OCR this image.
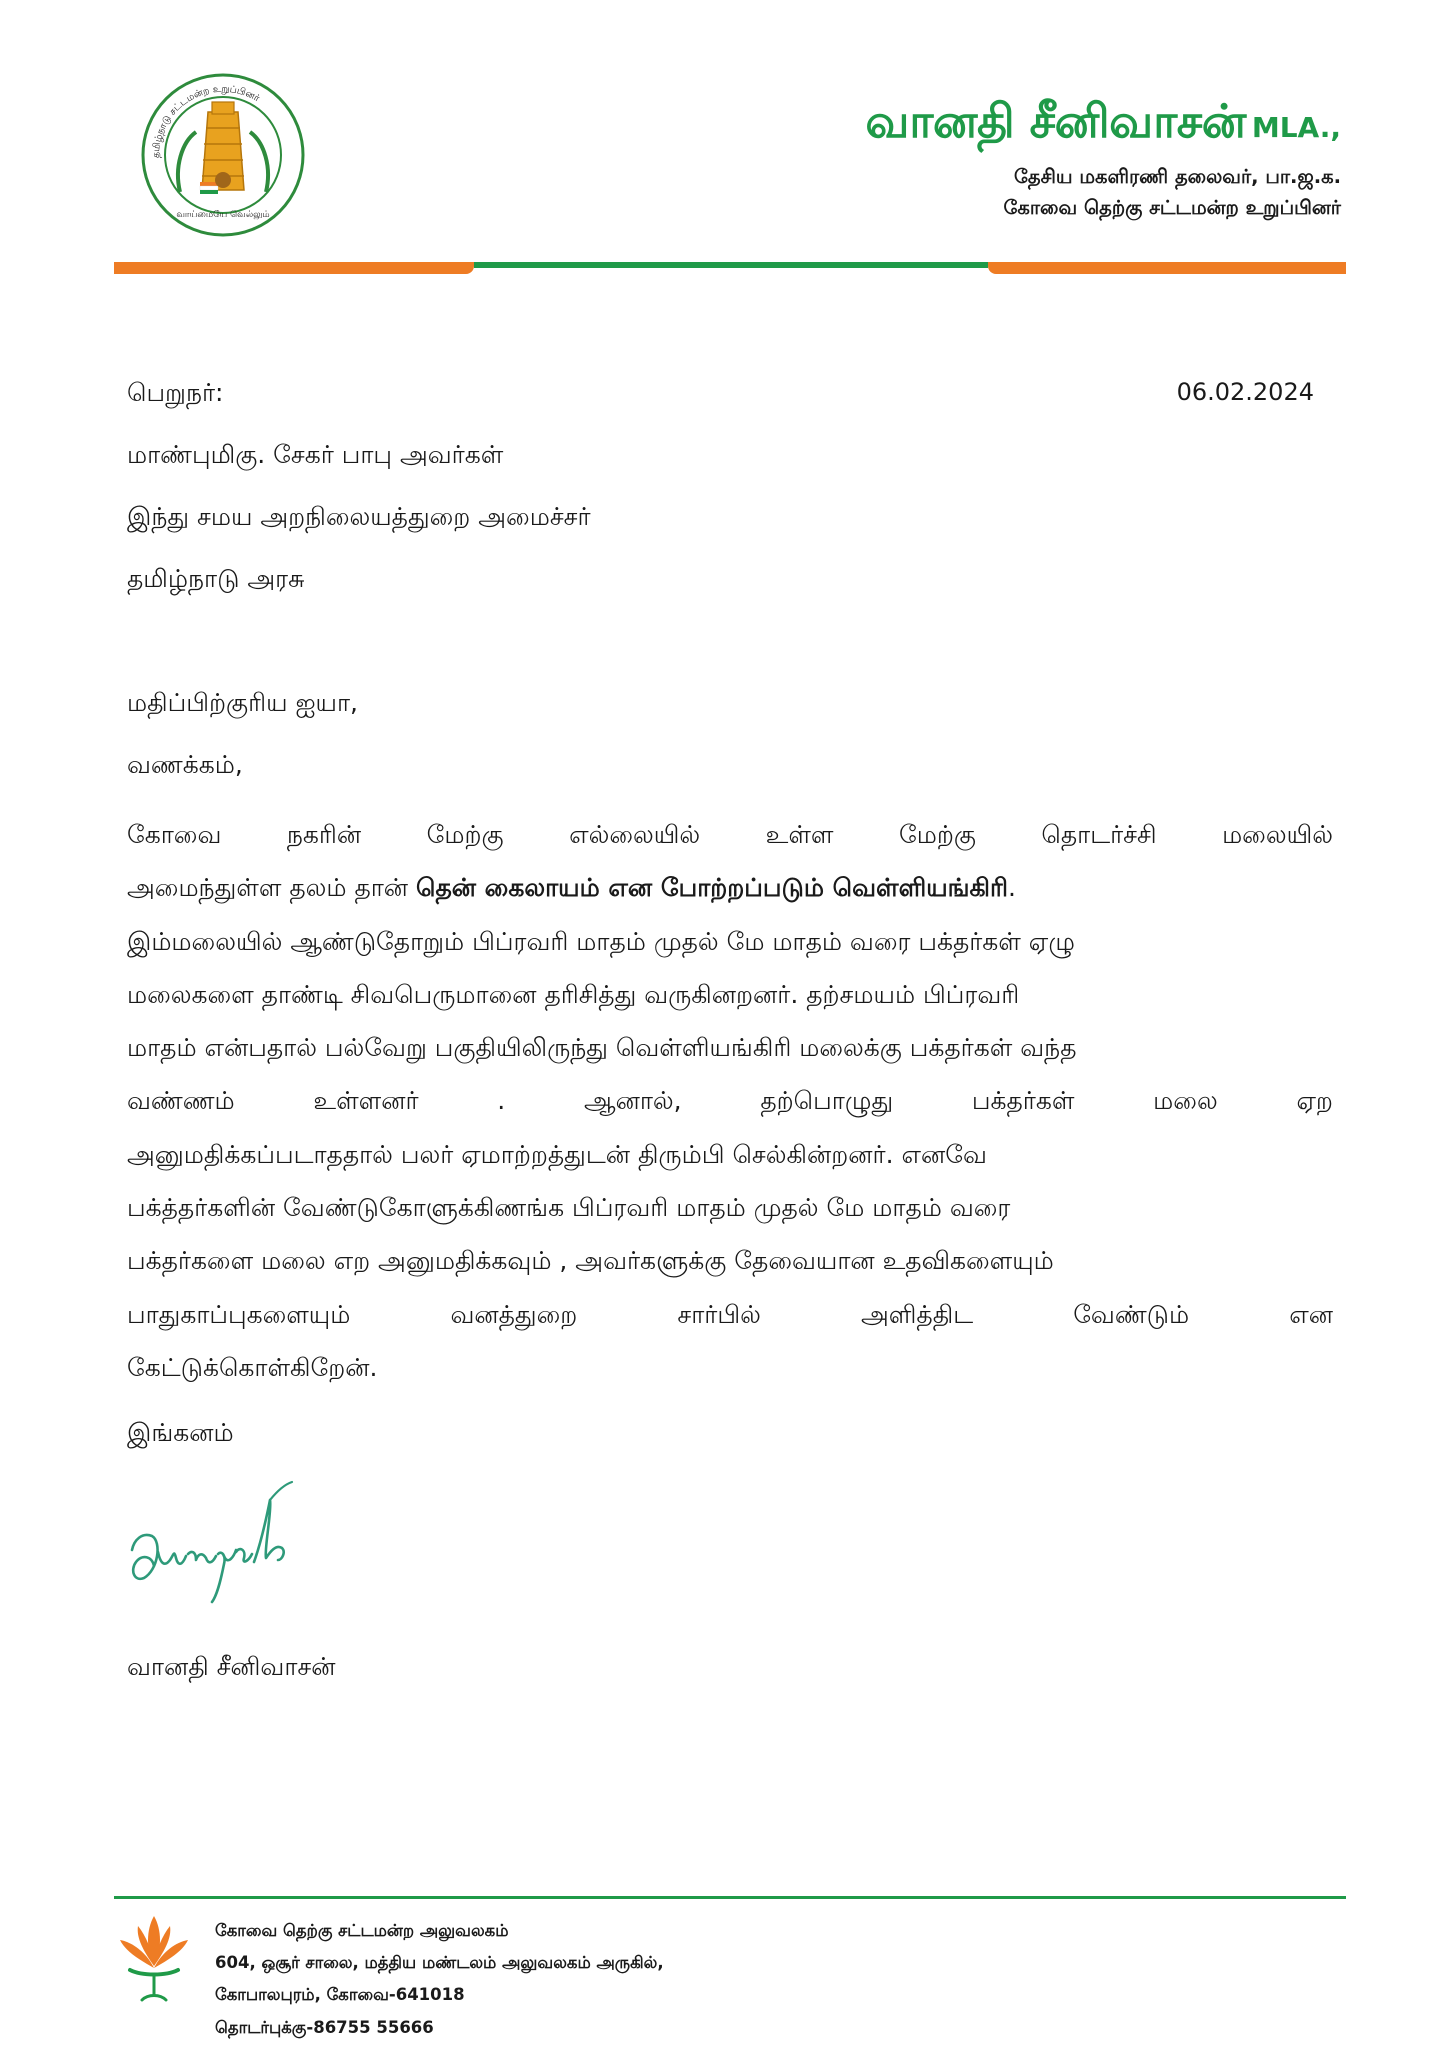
தமிழ்நாடு சட்டமன்ற உறுப்பினர்
வாய்மையே வெல்லும்
வானதி சீனிவாசன் MLA.,
தேசிய மகளிரணி தலைவர், பா.ஜ.க.
கோவை தெற்கு சட்டமன்ற உறுப்பினர்
பெறுநர்:	06.02.2024
மாண்புமிகு. சேகர் பாபு அவர்கள்
இந்து சமய அறநிலையத்துறை அமைச்சர்
தமிழ்நாடு அரசு
மதிப்பிற்குரிய ஐயா,
வணக்கம்,
கோவை	நகரின்	மேற்கு	எல்லையில்	உள்ள	மேற்கு	தொடர்ச்சி	மலையில்
அமைந்துள்ள தலம் தான் தென் கைலாயம் என போற்றப்படும் வெள்ளியங்கிரி.
இம்மலையில் ஆண்டுதோறும் பிப்ரவரி மாதம் முதல் மே மாதம் வரை பக்தர்கள் ஏழு
மலைகளை தாண்டி சிவபெருமானை தரிசித்து வருகினறனர். தற்சமயம் பிப்ரவரி
மாதம் என்பதால் பல்வேறு பகுதியிலிருந்து வெள்ளியங்கிரி மலைக்கு பக்தர்கள் வந்த
வண்ணம்	உள்ளனர்	.	ஆனால்,	தற்பொழுது	பக்தர்கள்	மலை	ஏற
அனுமதிக்கப்படாததால் பலர் ஏமாற்றத்துடன் திரும்பி செல்கின்றனர். எனவே
பக்த்தர்களின் வேண்டுகோளுக்கிணங்க பிப்ரவரி மாதம் முதல் மே மாதம் வரை
பக்தர்களை மலை எற அனுமதிக்கவும் , அவர்களுக்கு தேவையான உதவிகளையும்
பாதுகாப்புகளையும்	வனத்துறை	சார்பில்	அளித்திட	வேண்டும்	என
கேட்டுக்கொள்கிறேன்.
இங்கனம்
வானதி சீனிவாசன்
கோவை தெற்கு சட்டமன்ற அலுவலகம்
604, ஒசூர் சாலை, மத்திய மண்டலம் அலுவலகம் அருகில்,
கோபாலபுரம், கோவை-641018
தொடர்புக்கு-86755 55666
